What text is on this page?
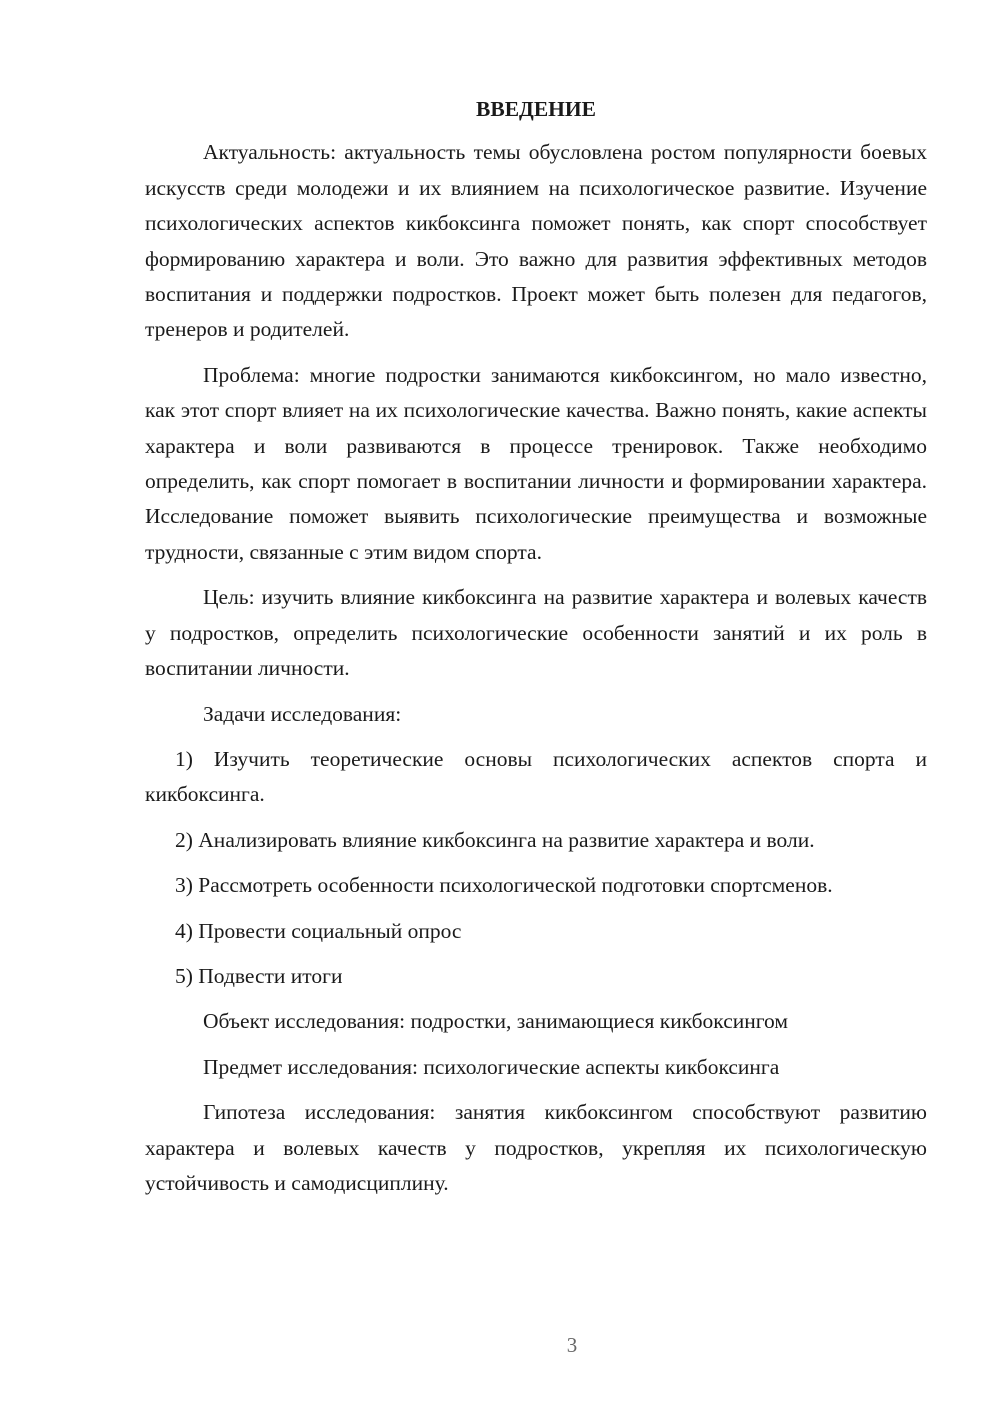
ВВЕДЕНИЕ

Актуальность: актуальность темы обусловлена ростом популярности боевых искусств среди молодежи и их влиянием на психологическое развитие. Изучение психологических аспектов кикбоксинга поможет понять, как спорт способствует формированию характера и воли. Это важно для развития эффективных методов воспитания и поддержки подростков. Проект может быть полезен для педагогов, тренеров и родителей.

Проблема: многие подростки занимаются кикбоксингом, но мало известно, как этот спорт влияет на их психологические качества. Важно понять, какие аспекты характера и воли развиваются в процессе тренировок. Также необходимо определить, как спорт помогает в воспитании личности и формировании характера. Исследование поможет выявить психологические преимущества и возможные трудности, связанные с этим видом спорта.

Цель: изучить влияние кикбоксинга на развитие характера и волевых качеств у подростков, определить психологические особенности занятий и их роль в воспитании личности.

Задачи исследования:

1) Изучить теоретические основы психологических аспектов спорта и кикбоксинга.

2) Анализировать влияние кикбоксинга на развитие характера и воли.

3) Рассмотреть особенности психологической подготовки спортсменов.

4) Провести социальный опрос

5) Подвести итоги

Объект исследования: подростки, занимающиеся кикбоксингом

Предмет исследования: психологические аспекты кикбоксинга

Гипотеза исследования: занятия кикбоксингом способствуют развитию характера и волевых качеств у подростков, укрепляя их психологическую устойчивость и самодисциплину.

3
